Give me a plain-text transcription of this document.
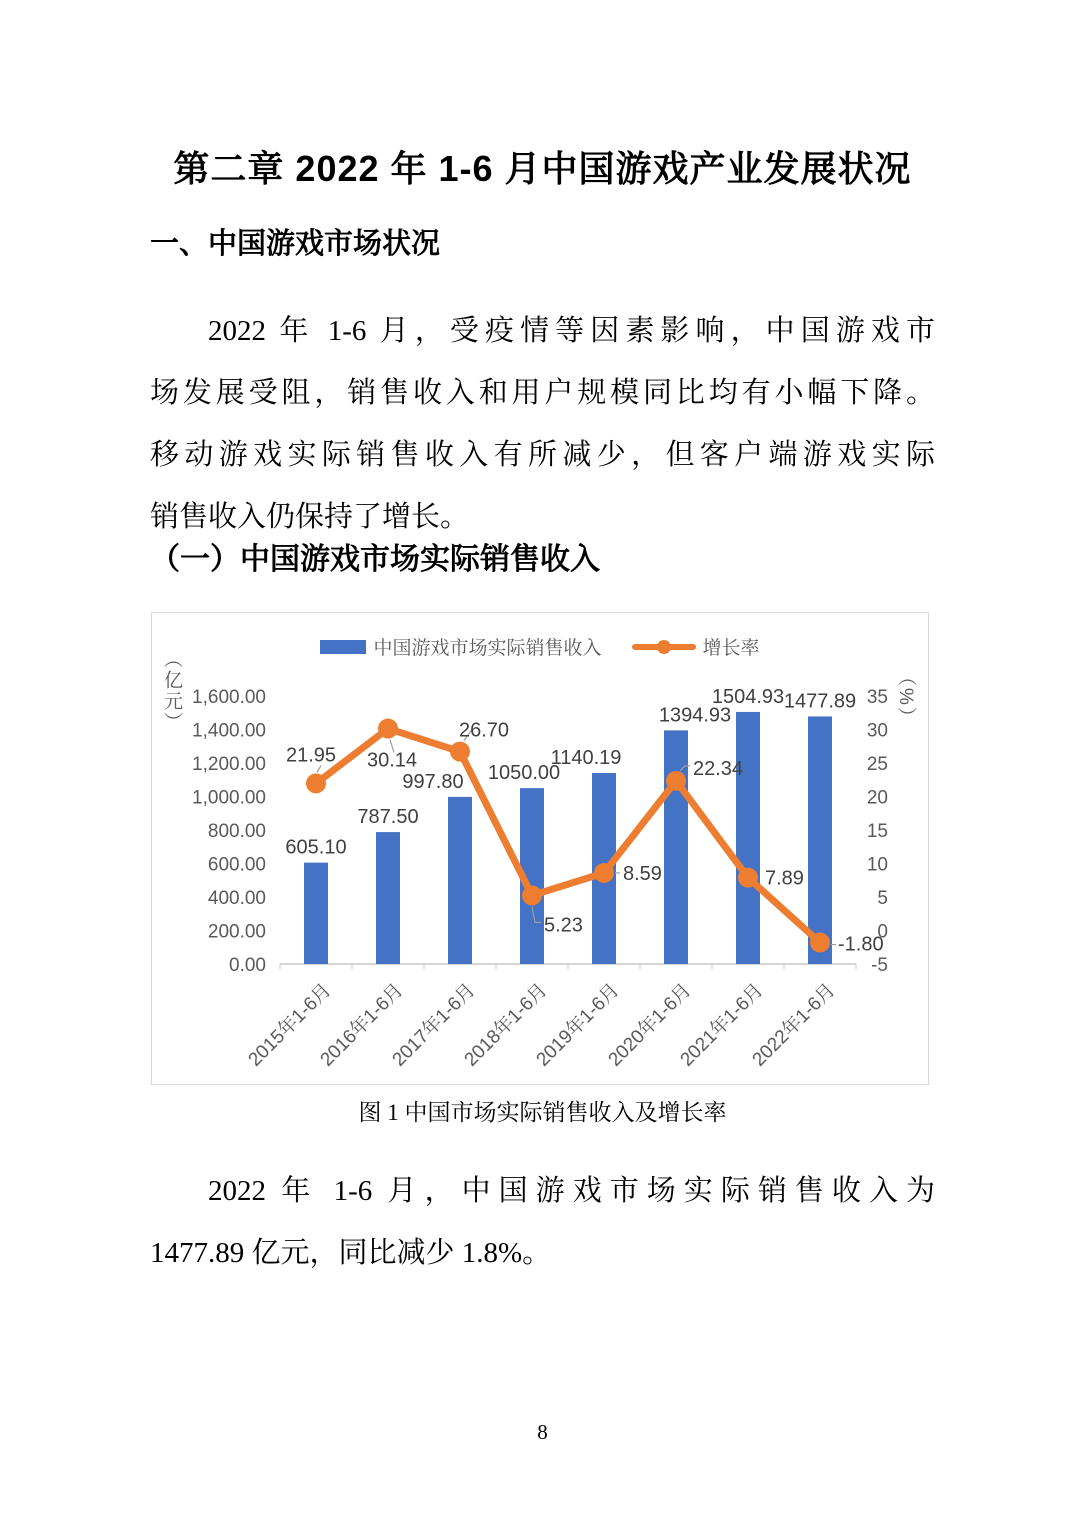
第二章 2022 年 1-6 月中国游戏产业发展状况
一、中国游戏市场状况
2022 年 1-6 月，受疫情等因素影响，中国游戏市
场发展受阻，销售收入和用户规模同比均有小幅下降。
移动游戏实际销售收入有所减少，但客户端游戏实际
销售收入仍保持了增长。
（一）中国游戏市场实际销售收入
中国游戏市场实际销售收入	增长率
（亿元）	（%）
0.00
200.00
400.00
600.00
800.00
1,000.00
1,200.00
1,400.00
1,600.00
-5
0
5
10
15
20
25
30
35
605.10
787.50
997.80 1050.00
1140.19
1394.93
1504.93 1477.89
21.95 30.14
26.70
5.23
8.59
22.34
7.89
-1.80
2015年1-6月
2016年1-6月
2017年1-6月
2018年1-6月
2019年1-6月
2020年1-6月
2021年1-6月
2022年1-6月
图 1 中国市场实际销售收入及增长率
2022 年 1-6 月，中国游戏市场实际销售收入为
1477.89 亿元，同比减少 1.8%。
8
